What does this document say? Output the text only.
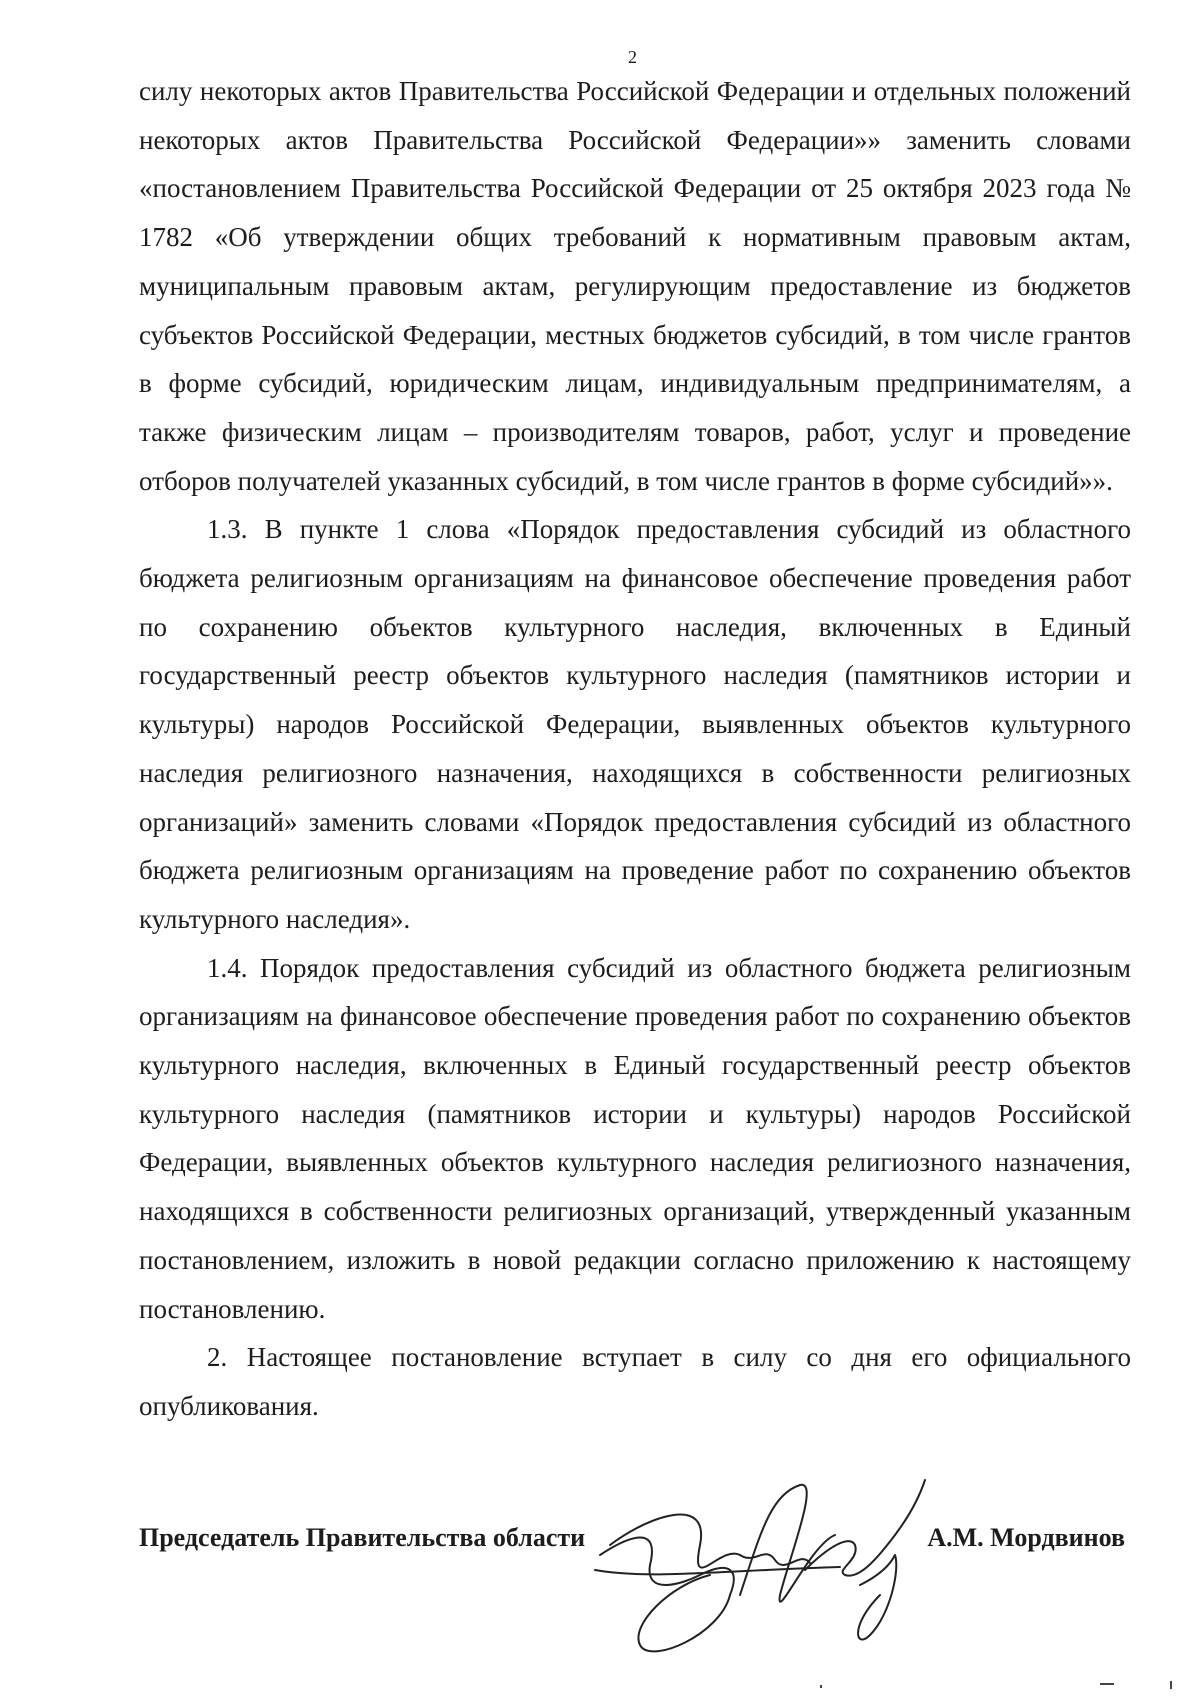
2

силу некоторых актов Правительства Российской Федерации и отдельных положений некоторых актов Правительства Российской Федерации»» заменить словами «постановлением Правительства Российской Федерации от 25 октября 2023 года № 1782 «Об утверждении общих требований к нормативным правовым актам, муниципальным правовым актам, регулирующим предоставление из бюджетов субъектов Российской Федерации, местных бюджетов субсидий, в том числе грантов в форме субсидий, юридическим лицам, индивидуальным предпринимателям, а также физическим лицам – производителям товаров, работ, услуг и проведение отборов получателей указанных субсидий, в том числе грантов в форме субсидий»».

1.3. В пункте 1 слова «Порядок предоставления субсидий из областного бюджета религиозным организациям на финансовое обеспечение проведения работ по сохранению объектов культурного наследия, включенных в Единый государственный реестр объектов культурного наследия (памятников истории и культуры) народов Российской Федерации, выявленных объектов культурного наследия религиозного назначения, находящихся в собственности религиозных организаций» заменить словами «Порядок предоставления субсидий из областного бюджета религиозным организациям на проведение работ по сохранению объектов культурного наследия».

1.4. Порядок предоставления субсидий из областного бюджета религиозным организациям на финансовое обеспечение проведения работ по сохранению объектов культурного наследия, включенных в Единый государственный реестр объектов культурного наследия (памятников истории и культуры) народов Российской Федерации, выявленных объектов культурного наследия религиозного назначения, находящихся в собственности религиозных организаций, утвержденный указанным постановлением, изложить в новой редакции согласно приложению к настоящему постановлению.

2. Настоящее постановление вступает в силу со дня его официального опубликования.

Председатель Правительства области	А.М. Мордвинов
